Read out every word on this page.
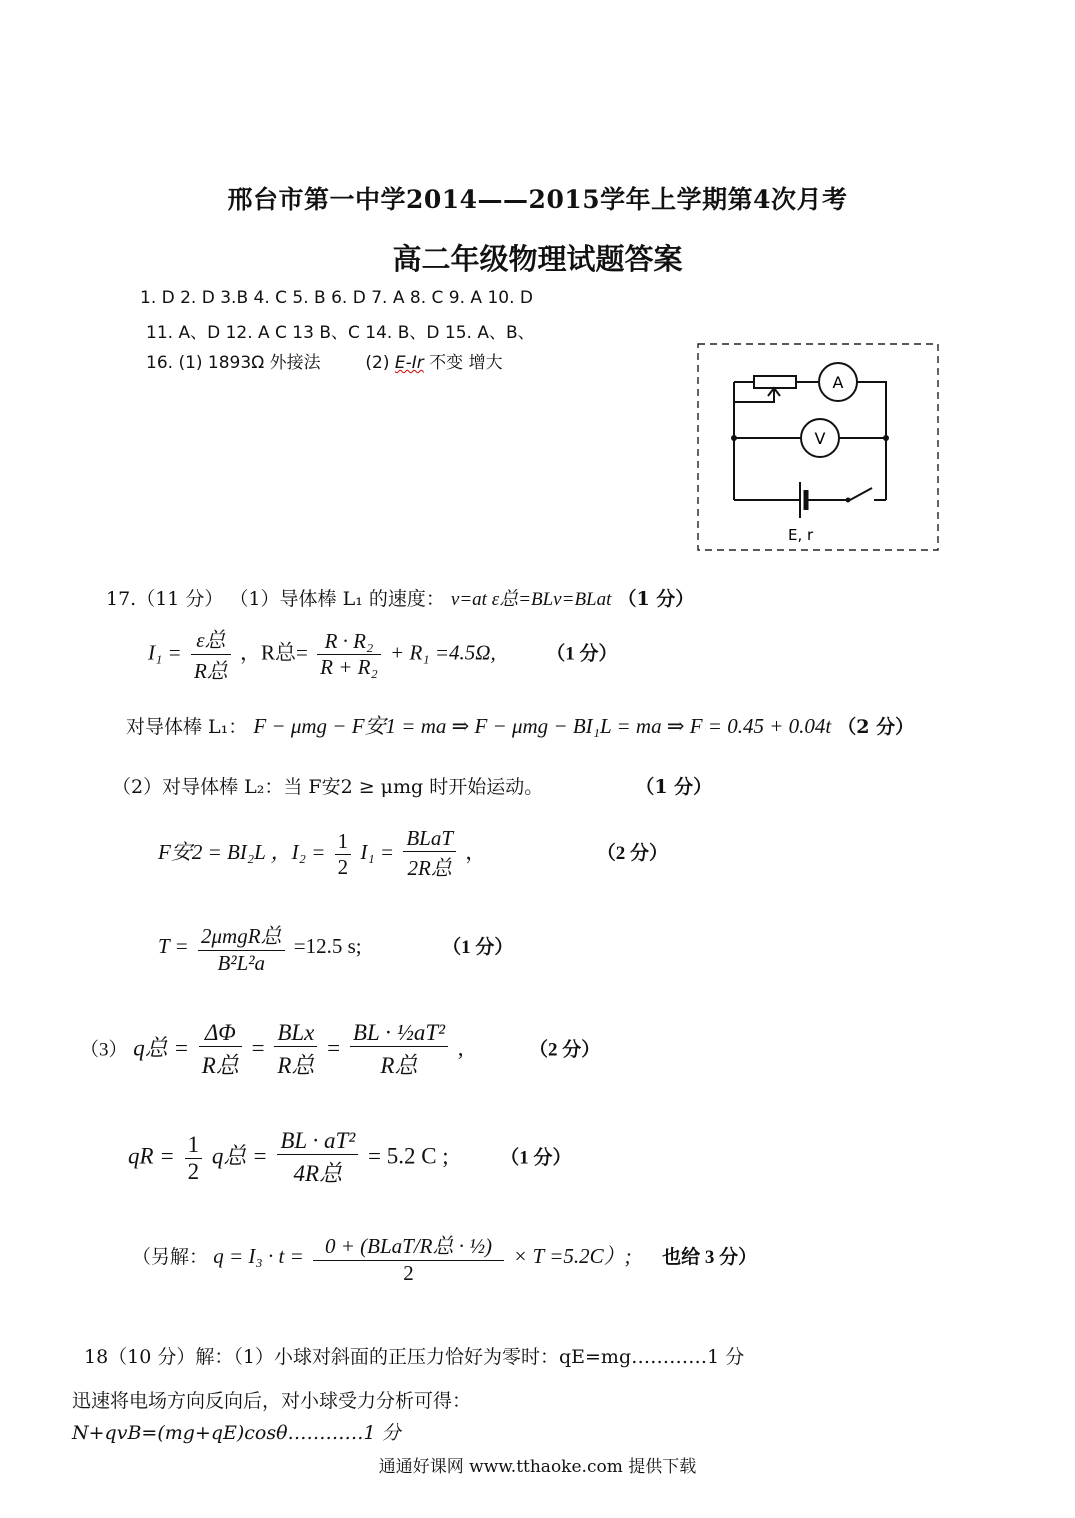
邢台市第一中学2014——2015学年上学期第4次月考
高二年级物理试题答案
1. D 2. D 3.B 4. C 5. B 6. D 7. A 8. C 9. A 10. D
11. A、D 12. A C 13 B、C 14. B、D 15. A、B、
16. (1) 1893Ω 外接法	(2) E-Ir 不变 增大
A
V
E, r
17.（11 分） （1）导体棒 L₁ 的速度： v=at ε总=BLv=BLat （1 分）
$I_1 = \frac{\text{ε总}}{\text{R总}}$ ，R总= $\frac{\text{R · R₂}}{\text{R + R₂}} + R_1 =4.5\Omega$,	（1 分）
对导体棒 L₁： F − μmg − F安1 = ma ⇒ F − μmg − BI₁L = ma ⇒ F = 0.45 + 0.04t （2 分）
（2）对导体棒 L₂：当 F安2 ≥ μmg 时开始运动。	（1 分）
F安2 = BI₂L ，$I_2 = \frac{1}{2} I_1 = \frac{\text{BLaT}}{\text{2R总}}$ ，	（2 分）
$T = \frac{\text{2μmgR总}}{\text{B²L²a}} =12.5$ s;	（1 分）
（3） q总 = $\frac{\Delta\Phi}{\text{R总}} = \frac{\text{BLx}}{\text{R总}} = \frac{\text{BL · ½aT²}}{\text{R总}}$ ,	（2 分）
qR = $\frac{1}{2}$ q总 = $\frac{\text{BL · aT²}}{\text{4R总}} = 5.2$ C ;	（1 分）
（另解： $q = I_3 \cdot t = \frac{\text{0 + (BLaT/R总 · ½)}}{2} \times T =5.2C$）; 也给 3 分）
18（10 分）解：（1）小球对斜面的正压力恰好为零时：qE=mg…………1 分
迅速将电场方向反向后，对小球受力分析可得：
N+qvB=(mg+qE)cosθ…………1 分
通通好课网 www.tthaoke.com 提供下载
